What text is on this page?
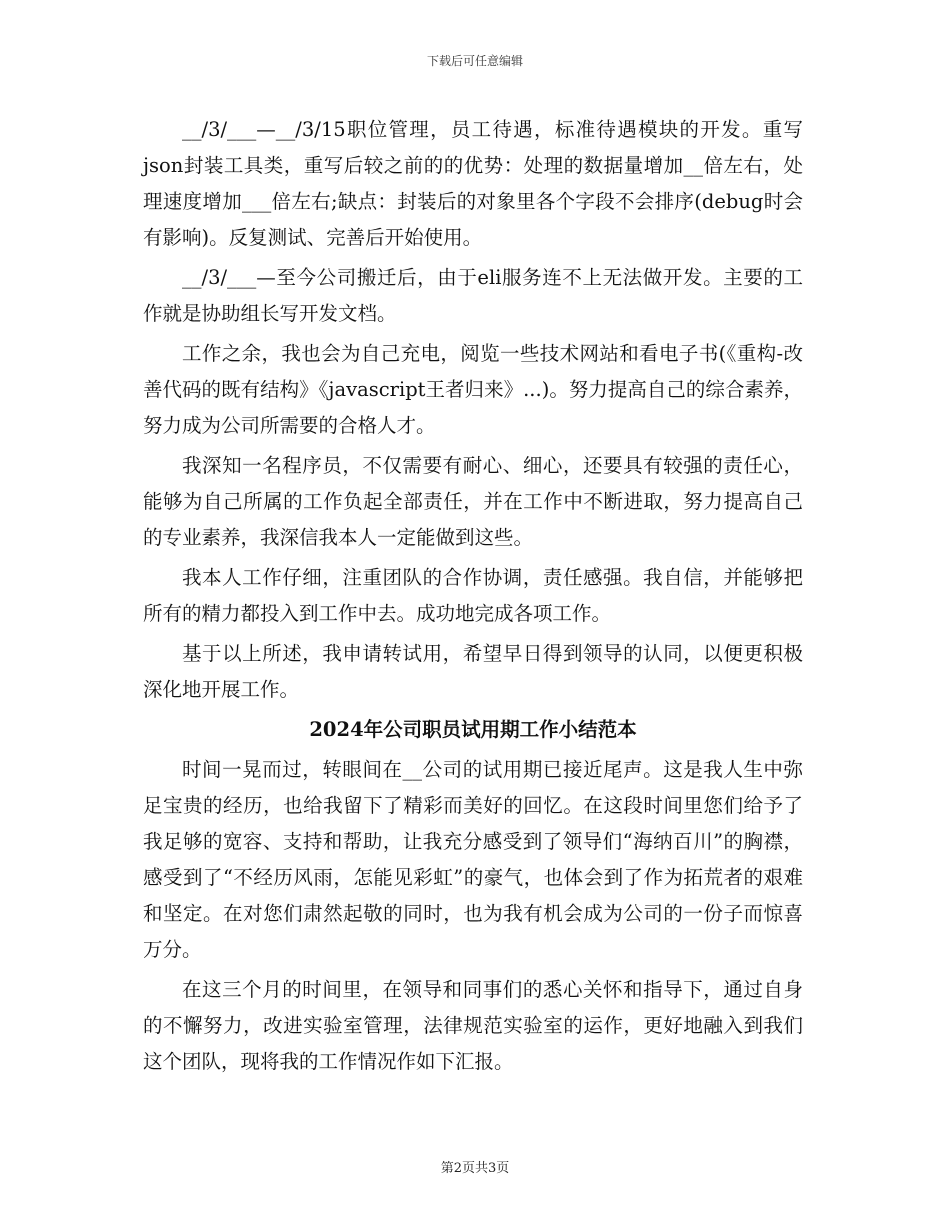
下载后可任意编辑

__/3/___—__/3/15职位管理，员工待遇，标准待遇模块的开发。重写json封装工具类，重写后较之前的的优势：处理的数据量增加__倍左右，处理速度增加___倍左右;缺点：封装后的对象里各个字段不会排序(debug时会有影响)。反复测试、完善后开始使用。

__/3/___—至今公司搬迁后，由于eli服务连不上无法做开发。主要的工作就是协助组长写开发文档。

工作之余，我也会为自己充电，阅览一些技术网站和看电子书(《重构-改善代码的既有结构》《javascript王者归来》...)。努力提高自己的综合素养，努力成为公司所需要的合格人才。

我深知一名程序员，不仅需要有耐心、细心，还要具有较强的责任心，能够为自己所属的工作负起全部责任，并在工作中不断进取，努力提高自己的专业素养，我深信我本人一定能做到这些。

我本人工作仔细，注重团队的合作协调，责任感强。我自信，并能够把所有的精力都投入到工作中去。成功地完成各项工作。

基于以上所述，我申请转试用，希望早日得到领导的认同，以便更积极深化地开展工作。

2024年公司职员试用期工作小结范本

时间一晃而过，转眼间在__公司的试用期已接近尾声。这是我人生中弥足宝贵的经历，也给我留下了精彩而美好的回忆。在这段时间里您们给予了我足够的宽容、支持和帮助，让我充分感受到了领导们“海纳百川”的胸襟，感受到了“不经历风雨，怎能见彩虹”的豪气，也体会到了作为拓荒者的艰难和坚定。在对您们肃然起敬的同时，也为我有机会成为公司的一份子而惊喜万分。

在这三个月的时间里，在领导和同事们的悉心关怀和指导下，通过自身的不懈努力，改进实验室管理，法律规范实验室的运作，更好地融入到我们这个团队，现将我的工作情况作如下汇报。

第2页共3页
